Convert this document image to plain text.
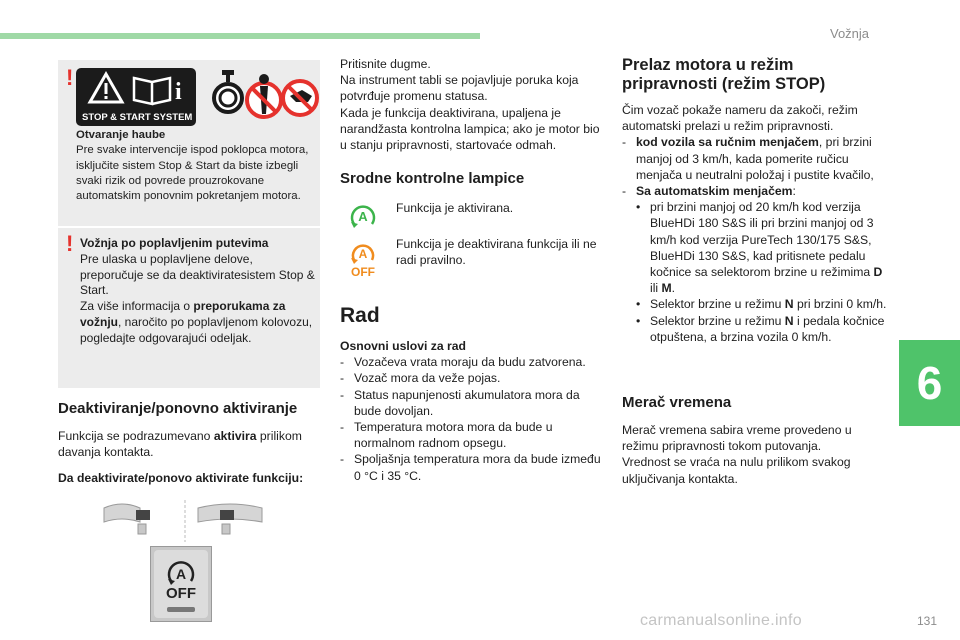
Vožnja
6
131
carmanualsonline.info
!
i
STOP & START SYSTEM
Otvaranje haube
Pre svake intervencije ispod poklopca motora, isključite sistem Stop & Start da biste izbegli svaki rizik od povrede prouzrokovane automatskim ponovnim pokretanjem motora.
! Vožnja po poplavljenim putevima
Pre ulaska u poplavljene delove, preporučuje se da deaktiviratesistem Stop & Start.
Za više informacija o preporukama za vožnju, naročito po poplavljenom kolovozu, pogledajte odgovarajući odeljak.
Deaktiviranje/ponovno aktiviranje
Funkcija se podrazumevano aktivira prilikom davanja kontakta.
Da deaktivirate/ponovo aktivirate funkciju:
A
OFF
Pritisnite dugme.
Na instrument tabli se pojavljuje poruka koja potvrđuje promenu statusa.
Kada je funkcija deaktivirana, upaljena je narandžasta kontrolna lampica; ako je motor bio u stanju pripravnosti, startovaće odmah.
Srodne kontrolne lampice
A
Funkcija je aktivirana.
A
OFF
Funkcija je deaktivirana funkcija ili ne radi pravilno.
Rad
Osnovni uslovi za rad
- Vozačeva vrata moraju da budu zatvorena.
- Vozač mora da veže pojas.
- Status napunjenosti akumulatora mora da bude dovoljan.
- Temperatura motora mora da bude u normalnom radnom opsegu.
- Spoljašnja temperatura mora da bude između 0 °C i 35 °C.
Prelaz motora u režim pripravnosti (režim STOP)
Čim vozač pokaže nameru da zakoči, režim automatski prelazi u režim pripravnosti.
- kod vozila sa ručnim menjačem, pri brzini manjoj od 3 km/h, kada pomerite ručicu menjača u neutralni položaj i pustite kvačilo,
- Sa automatskim menjačem:
• pri brzini manjoj od 20 km/h kod verzija BlueHDi 180 S&S ili pri brzini manjoj od 3 km/h kod verzija PureTech 130/175 S&S, BlueHDi 130 S&S, kad pritisnete pedalu kočnice sa selektorom brzine u režimima D ili M.
• Selektor brzine u režimu N pri brzini 0 km/h.
• Selektor brzine u režimu N i pedala kočnice otpuštena, a brzina vozila 0 km/h.
Merač vremena
Merač vremena sabira vreme provedeno u režimu pripravnosti tokom putovanja. Vrednost se vraća na nulu prilikom svakog uključivanja kontakta.
